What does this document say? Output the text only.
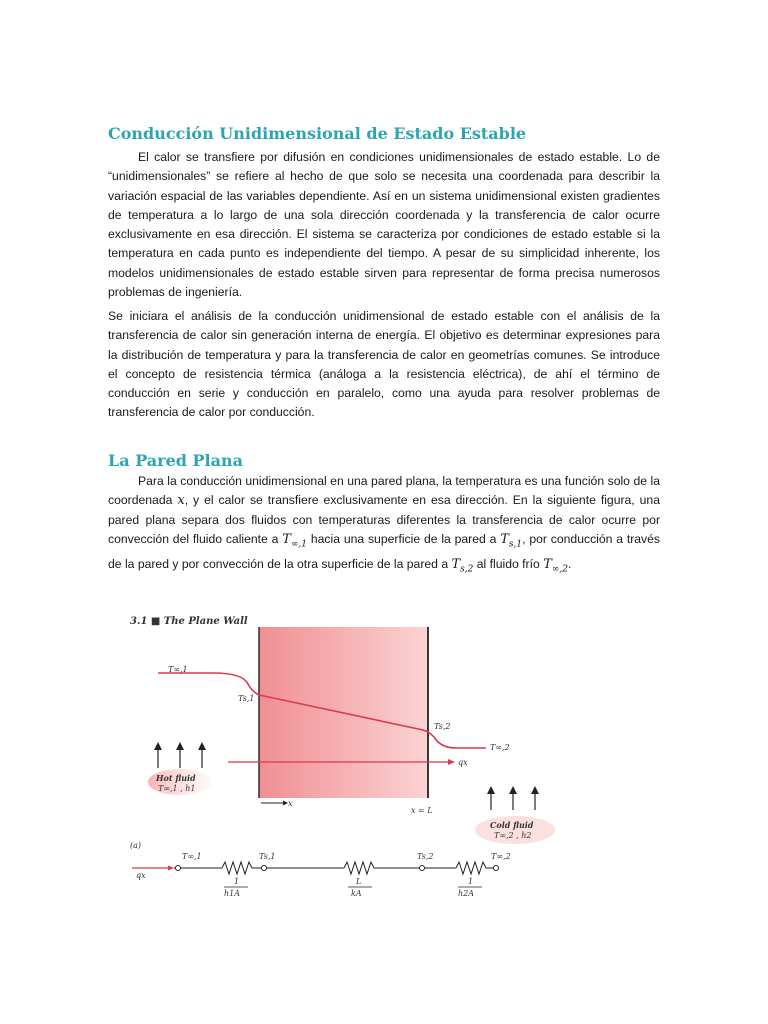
Conducción Unidimensional de Estado Estable

El calor se transfiere por difusión en condiciones unidimensionales de estado estable. Lo de “unidimensionales” se refiere al hecho de que solo se necesita una coordenada para describir la variación espacial de las variables dependiente. Así en un sistema unidimensional existen gradientes de temperatura a lo largo de una sola dirección coordenada y la transferencia de calor ocurre exclusivamente en esa dirección. El sistema se caracteriza por condiciones de estado estable si la temperatura en cada punto es independiente del tiempo. A pesar de su simplicidad inherente, los modelos unidimensionales de estado estable sirven para representar de forma precisa numerosos problemas de ingeniería.

Se iniciara el análisis de la conducción unidimensional de estado estable con el análisis de la transferencia de calor sin generación interna de energía. El objetivo es determinar expresiones para la distribución de temperatura y para la transferencia de calor en geometrías comunes. Se introduce el concepto de resistencia térmica (análoga a la resistencia eléctrica), de ahí el término de conducción en serie y conducción en paralelo, como una ayuda para resolver problemas de transferencia de calor por conducción.

La Pared Plana

Para la conducción unidimensional en una pared plana, la temperatura es una función solo de la coordenada x, y el calor se transfiere exclusivamente en esa dirección. En la siguiente figura, una pared plana separa dos fluidos con temperaturas diferentes la transferencia de calor ocurre por convección del fluido caliente a $T_{\infty,1}$ hacia una superficie de la pared a $T_{s,1}$, por conducción a través de la pared y por convección de la otra superficie de la pared a $T_{s,2}$ al fluido frío $T_{\infty,2}$.

3.1 ■ The Plane Wall
T∞,1
Ts,1
Ts,2
T∞,2
qx
Hot fluid
T∞,1 , h1
x
x = L
Cold fluid
T∞,2 , h2
(a)
qx
T∞,1	Ts,1	Ts,2	T∞,2
1
h1A
L
kA
1
h2A
